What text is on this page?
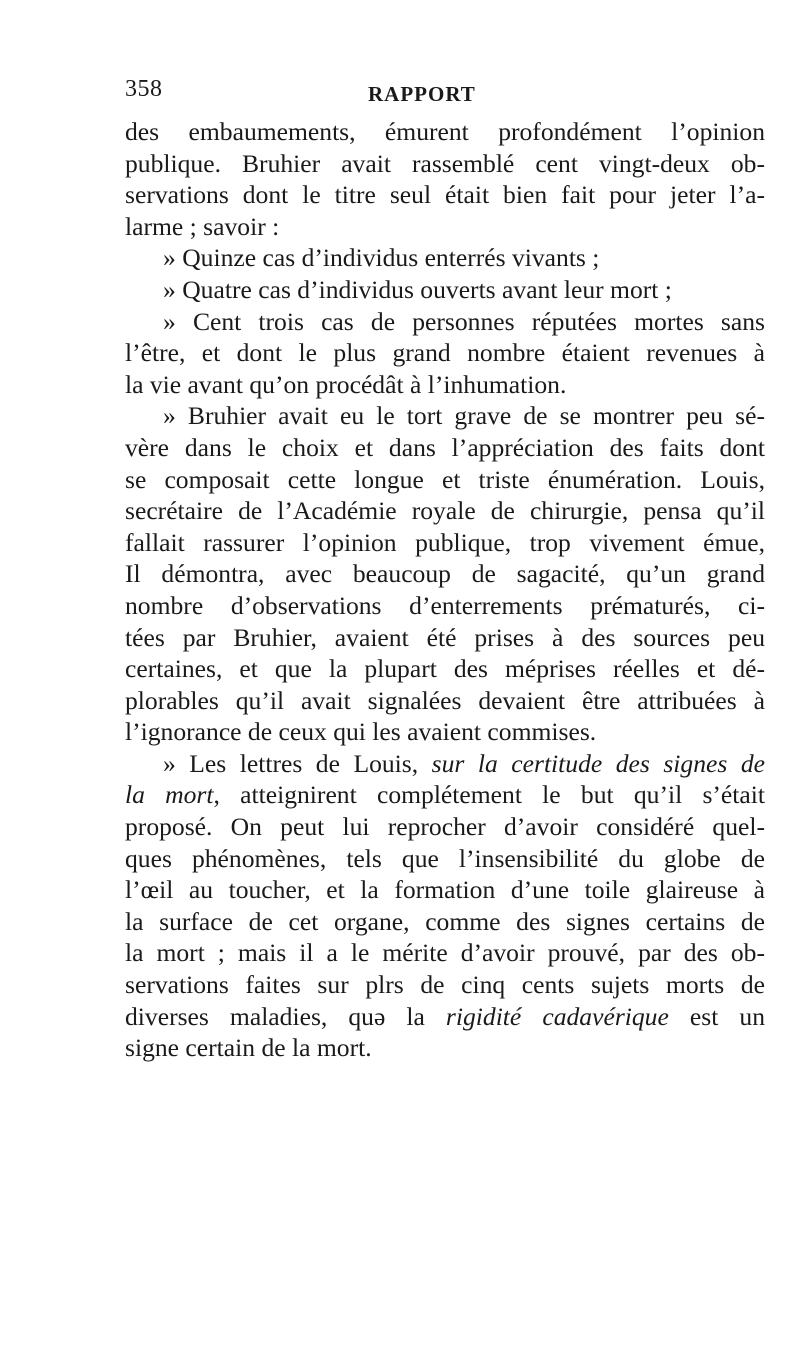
358	RAPPORT
des embaumements, émurent profondément l’opinion
publique. Bruhier avait rassemblé cent vingt-deux ob-
servations dont le titre seul était bien fait pour jeter l’a-
larme ; savoir :
» Quinze cas d’individus enterrés vivants ;
» Quatre cas d’individus ouverts avant leur mort ;
» Cent trois cas de personnes réputées mortes sans
l’être, et dont le plus grand nombre étaient revenues à
la vie avant qu’on procédât à l’inhumation.
» Bruhier avait eu le tort grave de se montrer peu sé-
vère dans le choix et dans l’appréciation des faits dont
se composait cette longue et triste énumération. Louis,
secrétaire de l’Académie royale de chirurgie, pensa qu’il
fallait rassurer l’opinion publique, trop vivement émue,
Il démontra, avec beaucoup de sagacité, qu’un grand
nombre d’observations d’enterrements prématurés, ci-
tées par Bruhier, avaient été prises à des sources peu
certaines, et que la plupart des méprises réelles et dé-
plorables qu’il avait signalées devaient être attribuées à
l’ignorance de ceux qui les avaient commises.
» Les lettres de Louis, sur la certitude des signes de
la mort, atteignirent complétement le but qu’il s’était
proposé. On peut lui reprocher d’avoir considéré quel-
ques phénomènes, tels que l’insensibilité du globe de
l’œil au toucher, et la formation d’une toile glaireuse à
la surface de cet organe, comme des signes certains de
la mort ; mais il a le mérite d’avoir prouvé, par des ob-
servations faites sur plrs de cinq cents sujets morts de
diverses maladies, quə la rigidité cadavérique est un
signe certain de la mort.
